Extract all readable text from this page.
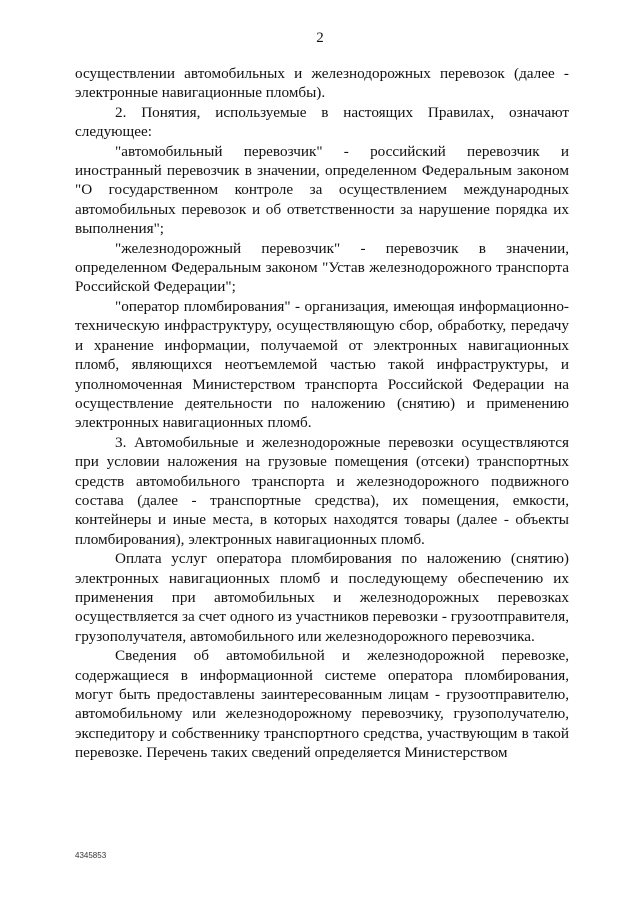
2

осуществлении автомобильных и железнодорожных перевозок (далее - электронные навигационные пломбы).

2. Понятия, используемые в настоящих Правилах, означают следующее:

"автомобильный перевозчик" - российский перевозчик и иностранный перевозчик в значении, определенном Федеральным законом "О государственном контроле за осуществлением международных автомобильных перевозок и об ответственности за нарушение порядка их выполнения";

"железнодорожный перевозчик" - перевозчик в значении, определенном Федеральным законом "Устав железнодорожного транспорта Российской Федерации";

"оператор пломбирования" - организация, имеющая информационно-техническую инфраструктуру, осуществляющую сбор, обработку, передачу и хранение информации, получаемой от электронных навигационных пломб, являющихся неотъемлемой частью такой инфраструктуры, и уполномоченная Министерством транспорта Российской Федерации на осуществление деятельности по наложению (снятию) и применению электронных навигационных пломб.

3. Автомобильные и железнодорожные перевозки осуществляются при условии наложения на грузовые помещения (отсеки) транспортных средств автомобильного транспорта и железнодорожного подвижного состава (далее - транспортные средства), их помещения, емкости, контейнеры и иные места, в которых находятся товары (далее - объекты пломбирования), электронных навигационных пломб.

Оплата услуг оператора пломбирования по наложению (снятию) электронных навигационных пломб и последующему обеспечению их применения при автомобильных и железнодорожных перевозках осуществляется за счет одного из участников перевозки - грузоотправителя, грузополучателя, автомобильного или железнодорожного перевозчика.

Сведения об автомобильной и железнодорожной перевозке, содержащиеся в информационной системе оператора пломбирования, могут быть предоставлены заинтересованным лицам - грузоотправителю, автомобильному или железнодорожному перевозчику, грузополучателю, экспедитору и собственнику транспортного средства, участвующим в такой перевозке. Перечень таких сведений определяется Министерством

4345853
